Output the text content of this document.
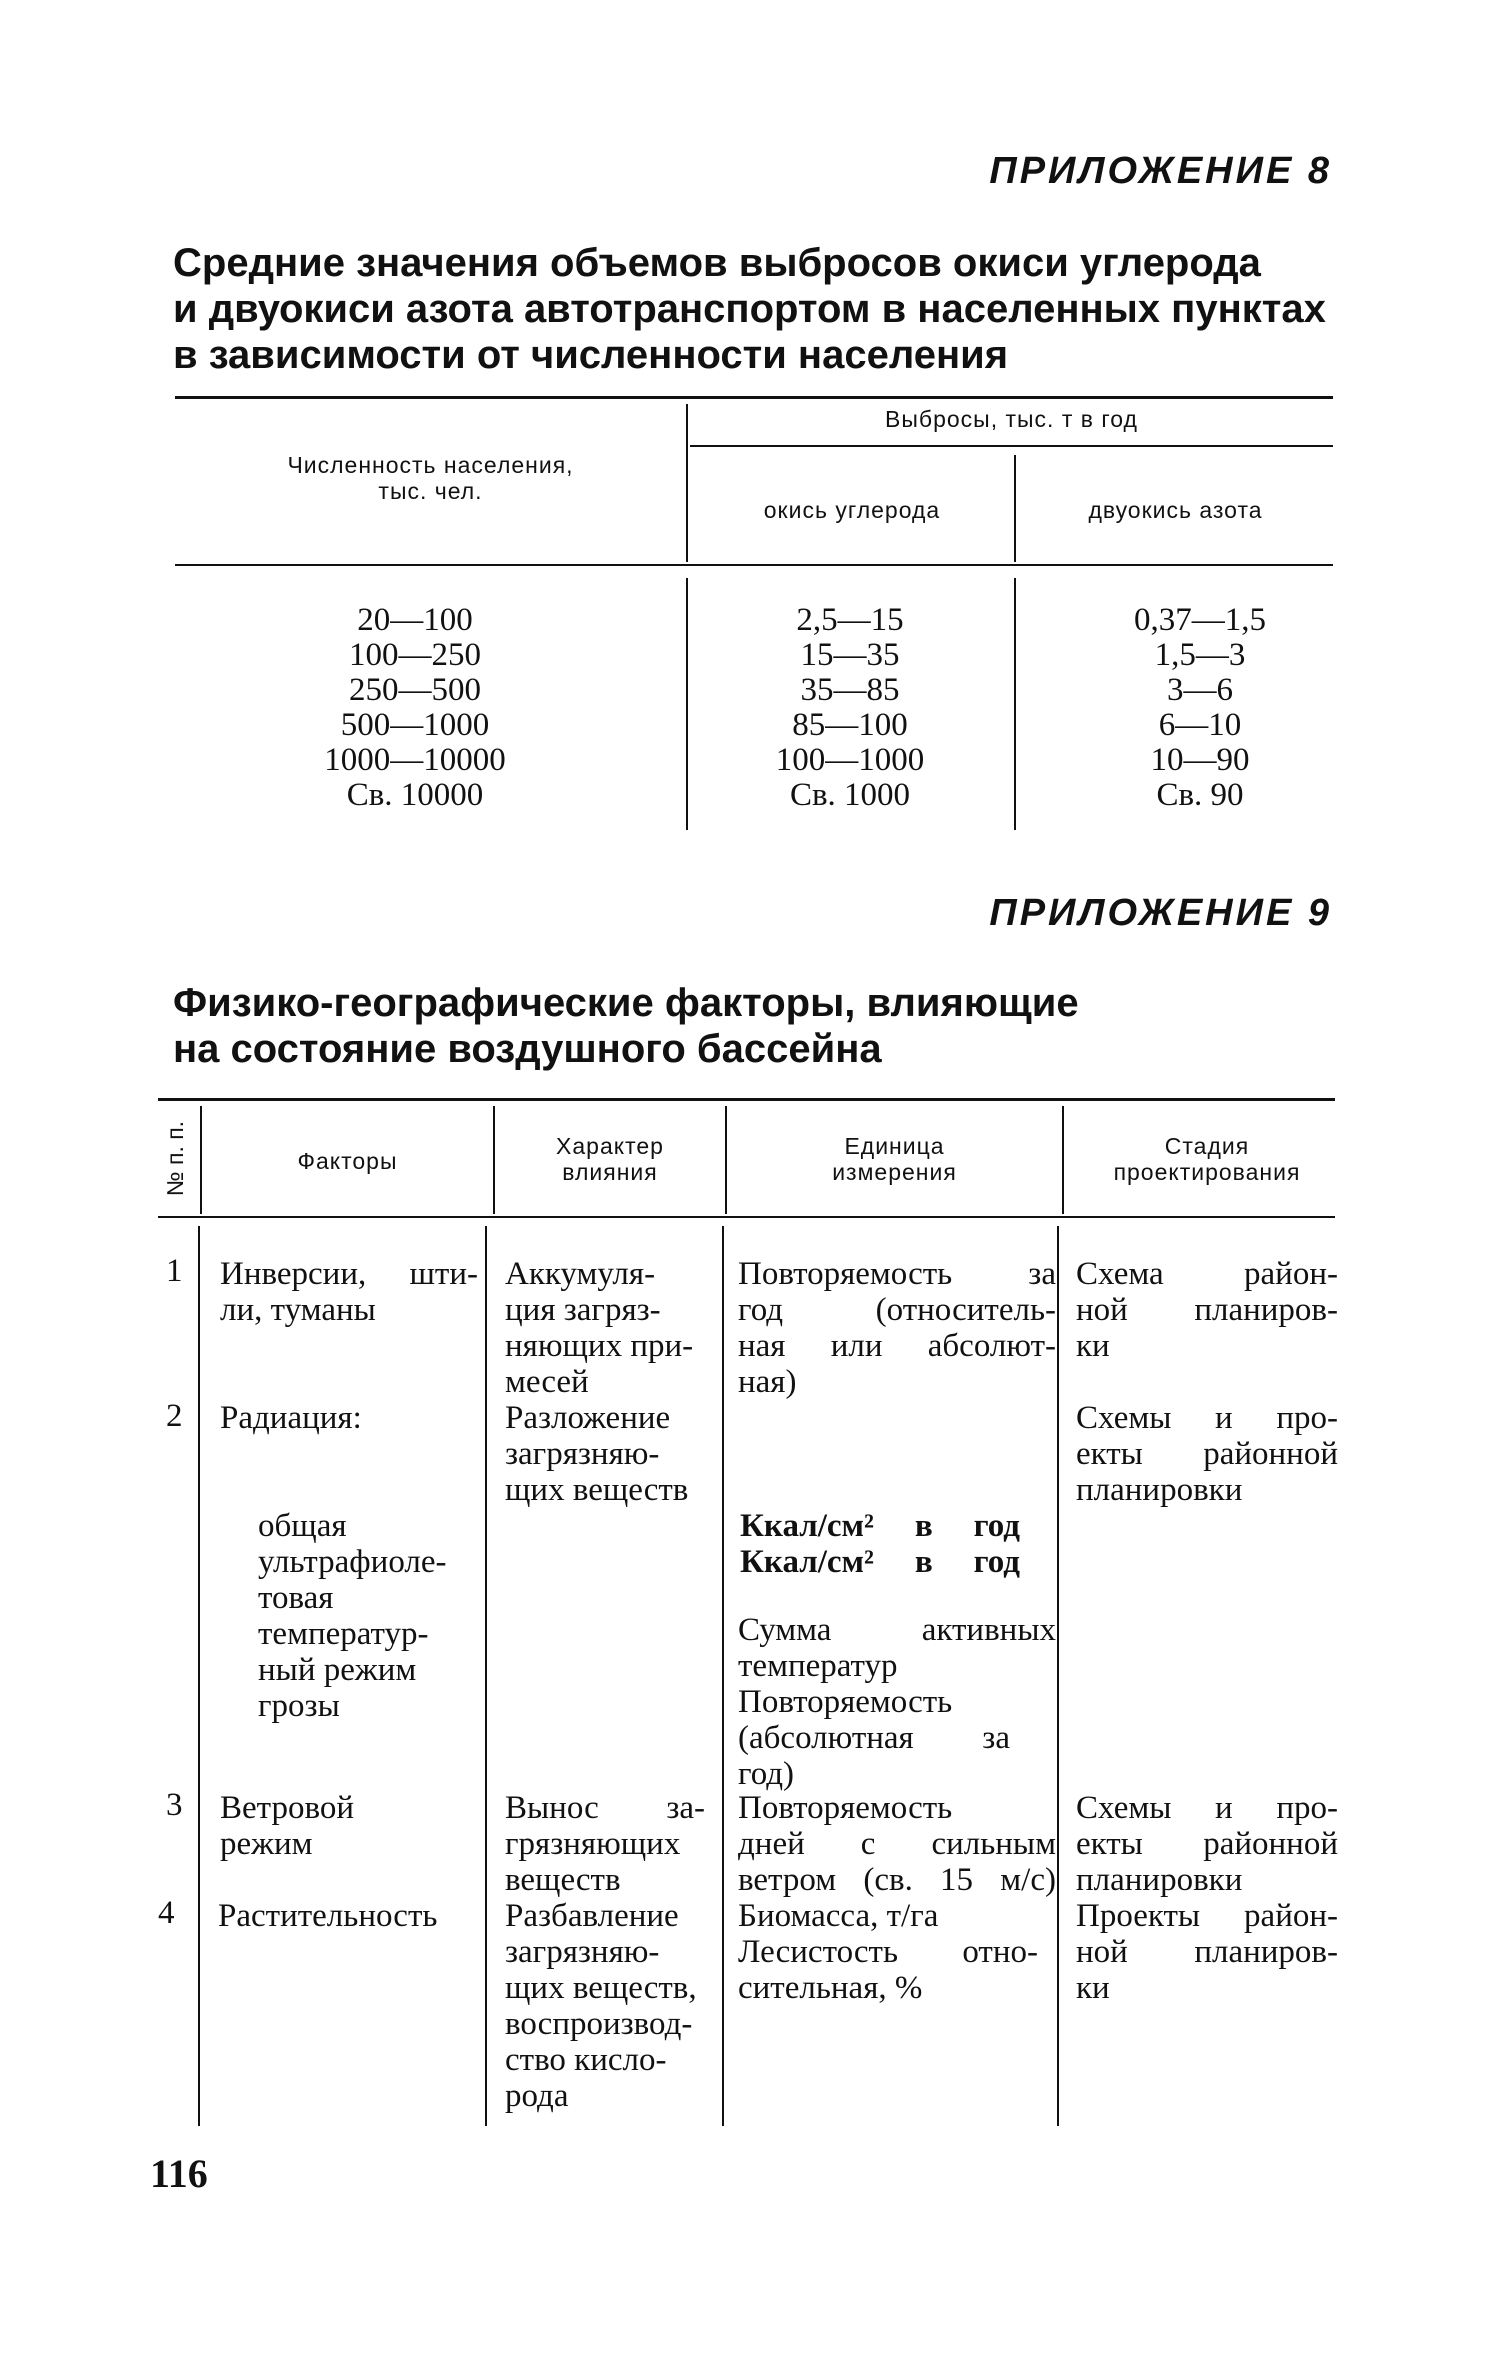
ПРИЛОЖЕНИЕ 8
Средние значения объемов выбросов окиси углерода
и двуокиси азота автотранспортом в населенных пунктах
в зависимости от численности населения
Численность населения,
тыс. чел.
Выбросы, тыс. т в год
окись углерода	двуокись азота
20—100
100—250
250—500
500—1000
1000—10000
Св. 10000
2,5—15
15—35
35—85
85—100
100—1000
Св. 1000
0,37—1,5
1,5—3
3—6
6—10
10—90
Св. 90
ПРИЛОЖЕНИЕ 9
Физико-географические факторы, влияющие
на состояние воздушного бассейна
№ п. п.	Факторы
Характер
влияния
Единица
измерения
Стадия
проектирования
1 Инверсии, шти-
ли, туманы
Аккумуля-
ция загряз-
няющих при-
месей
Повторяемость за
год (относитель-
ная или абсолют-
ная)
Схема район-
ной планиров-
ки
2 Радиация:
общая
ультрафиоле-
товая
температур-
ный режим
грозы
Разложение
загрязняю-
щих веществ
Ккал/см² в год
Ккал/см² в год
Сумма активных
температур
Повторяемость
(абсолютная за
год)
Схемы и про-
екты районной
планировки
3 Ветровой
режим
Вынос за-
грязняющих
веществ
Повторяемость
дней с сильным
ветром (св. 15 м/с)
Схемы и про-
екты районной
планировки
4 Растительность Разбавление
загрязняю-
щих веществ,
воспроизвод-
ство кисло-
рода
Биомасса, т/га
Лесистость отно-
сительная, %
Проекты район-
ной планиров-
ки
116
